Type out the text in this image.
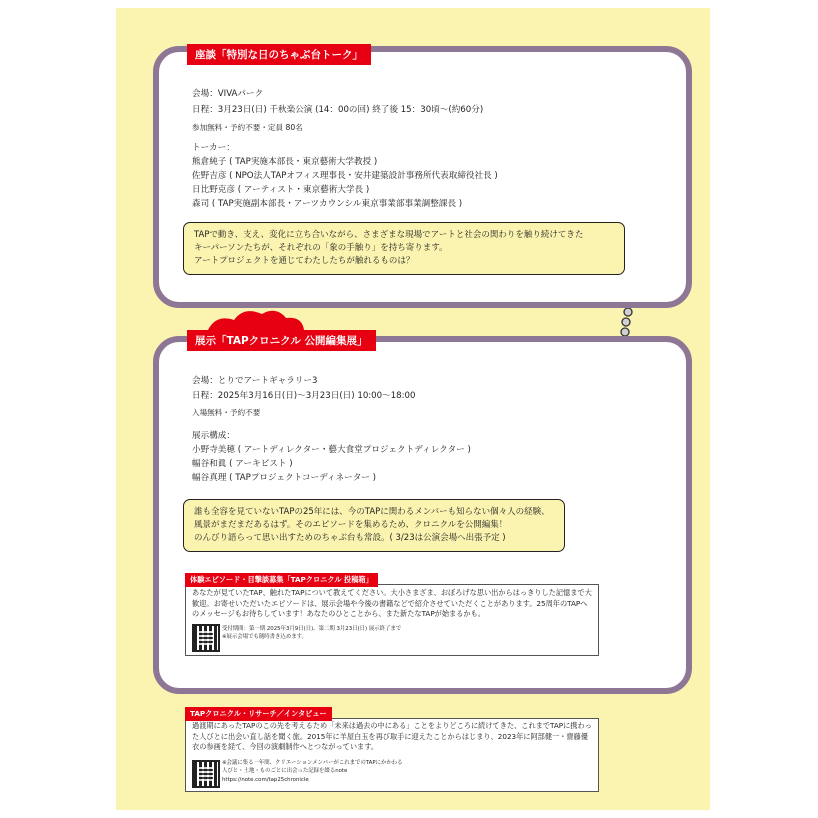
座談「特別な日のちゃぶ台トーク」
会場：VIVAパーク
日程：3月23日(日) 千秋楽公演 (14：00の回) 終了後 15：30頃〜(約60分)
参加無料・予約不要・定員 80名
トーカー：
熊倉純子 ( TAP実施本部長・東京藝術大学教授 )
佐野吉彦 ( NPO法人TAPオフィス理事長・安井建築設計事務所代表取締役社長 )
日比野克彦 ( アーティスト・東京藝術大学長 )
森司 ( TAP実施副本部長・アーツカウンシル東京事業部事業調整課長 )
TAPで動き、支え、変化に立ち合いながら、さまざまな現場でアートと社会の関わりを触り続けてきた
キーパーソンたちが、それぞれの「象の手触り」を持ち寄ります。
アートプロジェクトを通じてわたしたちが触れるものは？
展示「TAPクロニクル 公開編集展」
会場：とりでアートギャラリー3
日程：2025年3月16日(日)〜3月23日(日) 10:00〜18:00
入場無料・予約不要
展示構成：
小野寺美穂 ( アートディレクター・藝大食堂プロジェクトディレクター )
幅谷和眞 ( アーキビスト )
幅谷真理 ( TAPプロジェクトコーディネーター )
誰も全容を見ていないTAPの25年には、今のTAPに関わるメンバーも知らない個々人の経験、
風景がまだまだあるはず。そのエピソードを集めるため、クロニクルを公開編集！
のんびり語らって思い出すためのちゃぶ台も常設。( 3/23は公演会場へ出張予定 )
体験エピソード・目撃談募集「TAPクロニクル 投稿箱」
あなたが見ていたTAP、触れたTAPについて教えてください。大小さまざま、おぼろげな思い出からはっきりした記憶まで大歓迎。お寄せいただいたエピソードは、展示会場や今後の書籍などで紹介させていただくことがあります。25周年のTAPへのメッセージもお待ちしています！あなたのひとことから、また新たなTAPが始まるかも。
受付期間：第一期 2025年3月9日(日)、第二期 3月23日(日) 展示終了まで
※展示会場でも随時書き込めます。
TAPクロニクル・リサーチ／インタビュー
過渡期にあったTAPのこの先を考えるため「未来は過去の中にある」ことをよりどころに続けてきた、これまでTAPに携わった人びとに出会い直し話を聞く旅。2015年に羊屋白玉を再び取手に迎えたことからはじまり、2023年に阿部健一・齋藤優衣の参画を経て、今回の演劇制作へとつながっています。
※会議に集る一年間、クリエーションメンバーがこれまでのTAPにかかわる
人びと・土地・ものごとに出会った記録を綴るnote
https://note.com/tap25chronicle
